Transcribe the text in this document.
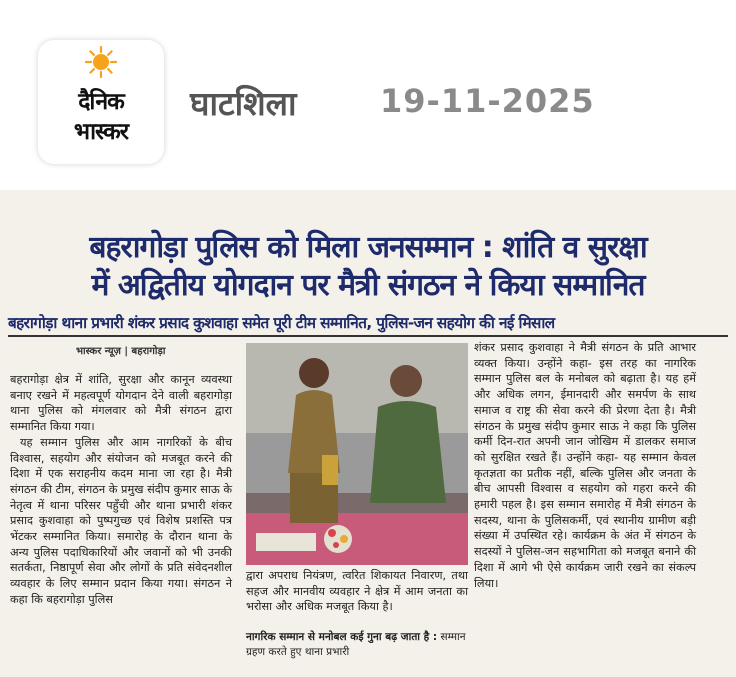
दैनिक
भास्कर
घाटशिला	19-11-2025
बहरागोड़ा पुलिस को मिला जनसम्मान : शांति व सुरक्षा
में अद्वितीय योगदान पर मैत्री संगठन ने किया सम्मानित
बहरागोड़ा थाना प्रभारी शंकर प्रसाद कुशवाहा समेत पूरी टीम सम्मानित, पुलिस-जन सहयोग की नई मिसाल
भास्कर न्यूज़ | बहरागोड़ा

बहरागोड़ा क्षेत्र में शांति, सुरक्षा और कानून व्यवस्था बनाए रखने में महत्वपूर्ण योगदान देने वाली बहरागोड़ा थाना पुलिस को मंगलवार को मैत्री संगठन द्वारा सम्मानित किया गया।

यह सम्मान पुलिस और आम नागरिकों के बीच विश्वास, सहयोग और संयोजन को मजबूत करने की दिशा में एक सराहनीय कदम माना जा रहा है। मैत्री संगठन की टीम, संगठन के प्रमुख संदीप कुमार साऊ के नेतृत्व में थाना परिसर पहुँची और थाना प्रभारी शंकर प्रसाद कुशवाहा को पुष्पगुच्छ एवं विशेष प्रशस्ति पत्र भेंटकर सम्मानित किया। समारोह के दौरान थाना के अन्य पुलिस पदाधिकारियों और जवानों को भी उनकी सतर्कता, निष्ठापूर्ण सेवा और लोगों के प्रति संवेदनशील व्यवहार के लिए सम्मान प्रदान किया गया। संगठन ने कहा कि बहरागोड़ा पुलिस

द्वारा अपराध नियंत्रण, त्वरित शिकायत निवारण, तथा सहज और मानवीय व्यवहार ने क्षेत्र में आम जनता का भरोसा और अधिक मजबूत किया है।

नागरिक सम्मान से मनोबल कई गुना बढ़ जाता है : सम्मान ग्रहण करते हुए थाना प्रभारी

शंकर प्रसाद कुशवाहा ने मैत्री संगठन के प्रति आभार व्यक्त किया। उन्होंने कहा- इस तरह का नागरिक सम्मान पुलिस बल के मनोबल को बढ़ाता है। यह हमें और अधिक लगन, ईमानदारी और समर्पण के साथ समाज व राष्ट्र की सेवा करने की प्रेरणा देता है। मैत्री संगठन के प्रमुख संदीप कुमार साऊ ने कहा कि पुलिस कर्मी दिन-रात अपनी जान जोखिम में डालकर समाज को सुरक्षित रखते हैं। उन्होंने कहा- यह सम्मान केवल कृतज्ञता का प्रतीक नहीं, बल्कि पुलिस और जनता के बीच आपसी विश्वास व सहयोग को गहरा करने की हमारी पहल है। इस सम्मान समारोह में मैत्री संगठन के सदस्य, थाना के पुलिसकर्मी, एवं स्थानीय ग्रामीण बड़ी संख्या में उपस्थित रहे। कार्यक्रम के अंत में संगठन के सदस्यों ने पुलिस-जन सहभागिता को मजबूत बनाने की दिशा में आगे भी ऐसे कार्यक्रम जारी रखने का संकल्प लिया।
